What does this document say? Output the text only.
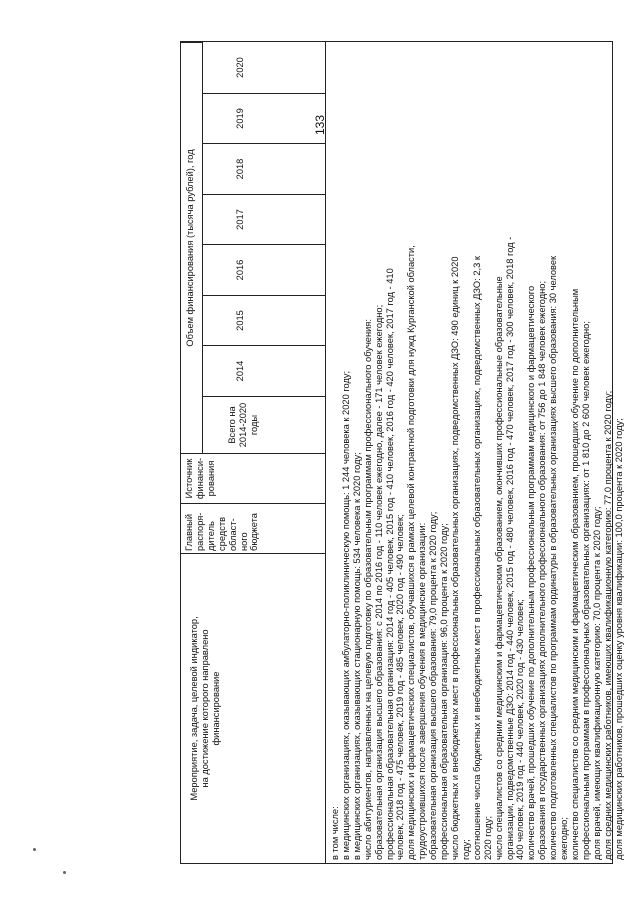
133
Мероприятие, задача, целевой индикатор, на достижение которого направлено финансирование
Главный распоря-дитель средств област-ного бюджета
Источник финанси-рования
Объем финансирования (тысяча рублей), год
Всего на 2014-2020 годы
2014
2015
2016
2017
2018
2019
2020
в том числе: в медицинских организациях, оказывающих амбулаторно-поликлиническую помощь: 1 244 человека к 2020 году; в медицинских организациях, оказывающих стационарную помощь: 534 человека к 2020 году; число абитуриентов, направленных на целевую подготовку по образовательным программам профессионального обучения: образовательная организация высшего образования: с 2014 по 2016 год - 110 человек ежегодно, далее - 171 человек ежегодно; профессиональная образовательная организация: 2014 год - 405 человек, 2015 год - 410 человек, 2016 год - 420 человек, 2017 год - 410 человек, 2018 год - 475 человек, 2019 год - 485 человек, 2020 год - 490 человек; доля медицинских и фармацевтических специалистов, обучавшихся в рамках целевой контрактной подготовки для нужд Курганской области, трудоустроившихся после завершения обучения в медицинские организации: образовательная организация высшего образования: 79,0 процента к 2020 году; профессиональная образовательная организация: 96,0 процента к 2020 году; число бюджетных и внебюджетных мест в профессиональных образовательных организациях, подведомственных ДЗО: 490 единиц к 2020 году; соотношение числа бюджетных и внебюджетных мест в профессиональных образовательных организациях, подведомственных ДЗО: 2,3 к 2020 году; число специалистов со средним медицинским и фармацевтическим образованием, окончивших профессиональные образовательные организации, подведомственные ДЗО: 2014 год - 440 человек, 2015 год - 480 человек, 2016 год - 470 человек, 2017 год - 300 человек, 2018 год - 400 человек, 2019 год - 440 человек, 2020 год - 430 человек; количество врачей, прошедших обучение по дополнительным профессиональным программам медицинского и фармацевтического образования в государственных организациях дополнительного профессионального образования: от 756 до 1 848 человек ежегодно; количество подготовленных специалистов по программам ординатуры в образовательных организациях высшего образования: 30 человек ежегодно; количество специалистов со средним медицинским и фармацевтическим образованием, прошедших обучение по дополнительным профессиональным программам в профессиональных образовательных организациях: от 1 810 до 2 600 человек ежегодно; доля врачей, имеющих квалификационную категорию: 70,0 процента к 2020 году; доля средних медицинских работников, имеющих квалификационную категорию: 77,0 процента к 2020 году; доля медицинских работников, прошедших оценку уровня квалификации: 100,0 процента к 2020 году;
